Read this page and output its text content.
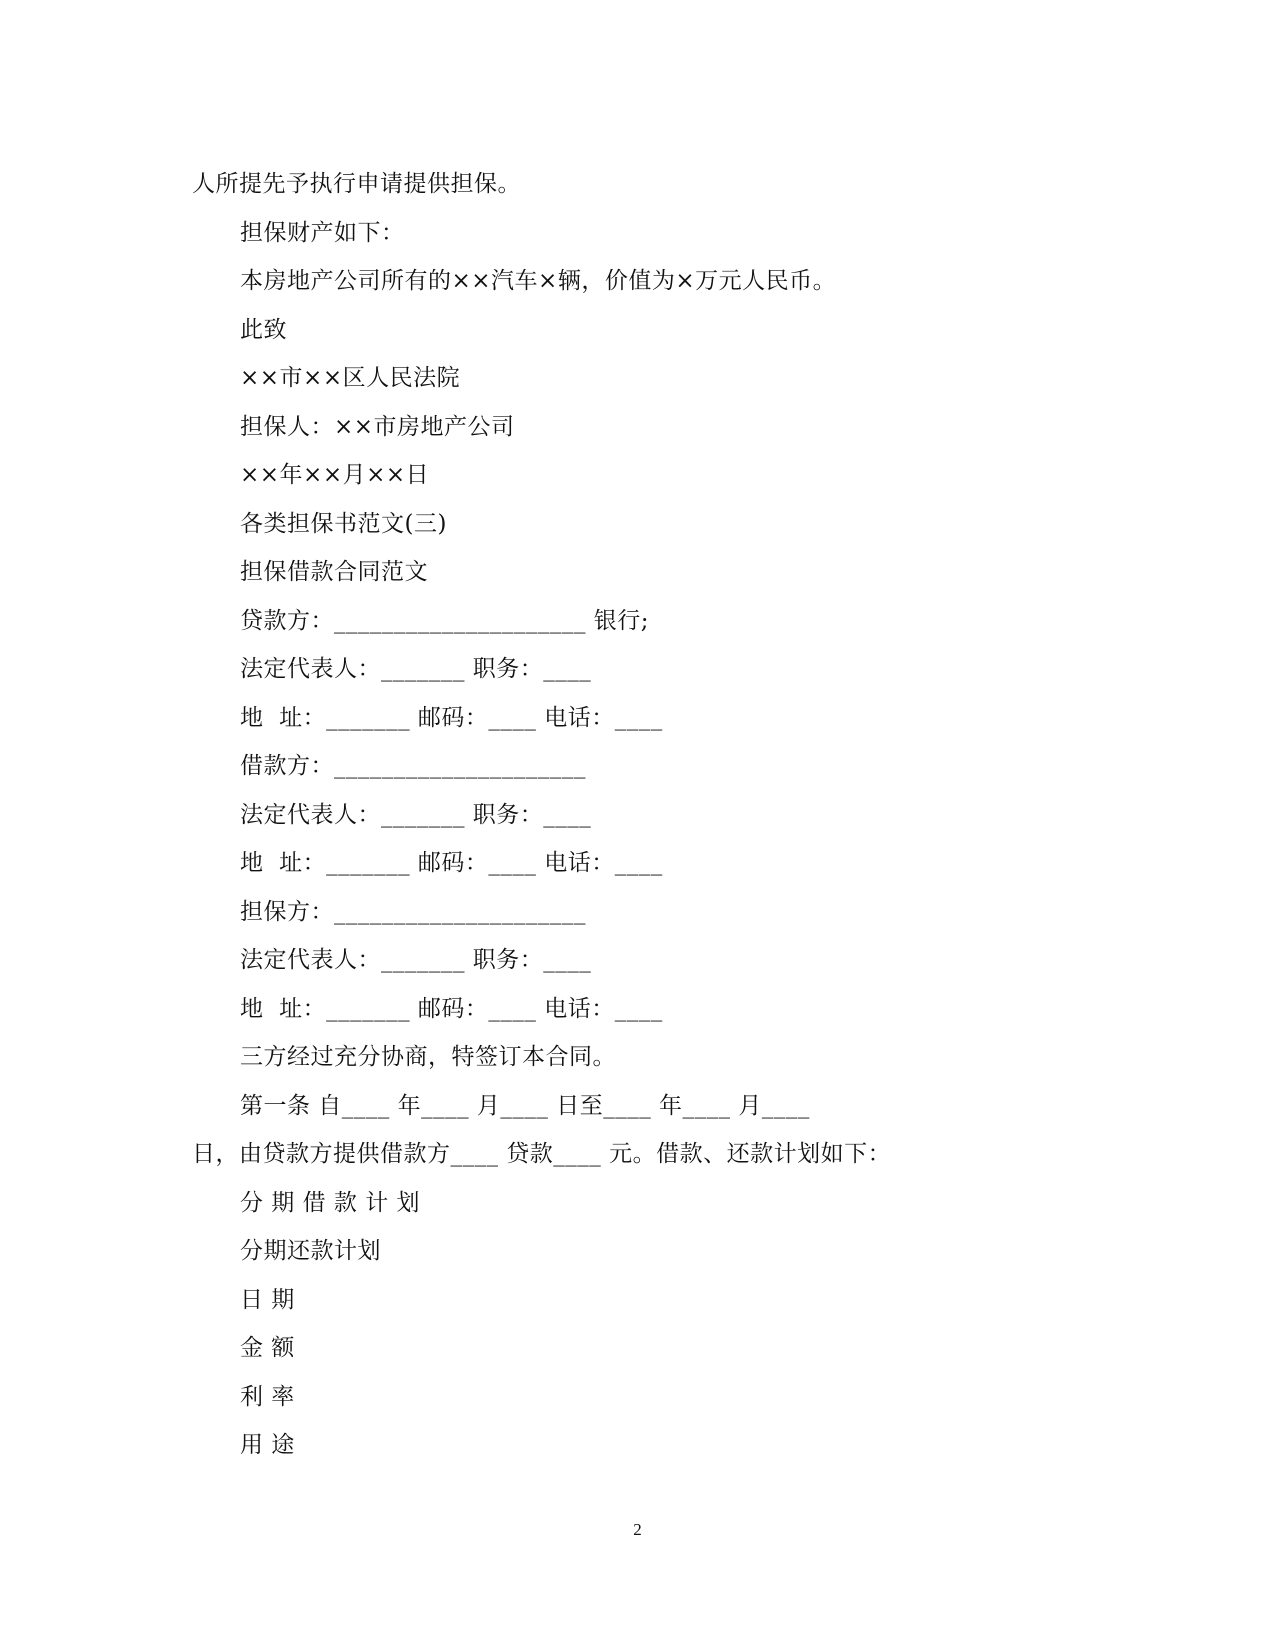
人所提先予执行申请提供担保。
担保财产如下：
本房地产公司所有的××汽车×辆，价值为×万元人民币。
此致
××市××区人民法院
担保人：××市房地产公司
××年××月××日
各类担保书范文(三)
担保借款合同范文
贷款方：_____________________ 银行;
法定代表人：_______ 职务：____
地  址：_______ 邮码：____ 电话：____
借款方：_____________________
法定代表人：_______ 职务：____
地  址：_______ 邮码：____ 电话：____
担保方：_____________________
法定代表人：_______ 职务：____
地  址：_______ 邮码：____ 电话：____
三方经过充分协商，特签订本合同。
第一条 自____ 年____ 月____ 日至____ 年____ 月____
日，由贷款方提供借款方____ 贷款____ 元。借款、还款计划如下：
分 期 借 款 计 划
分期还款计划
日 期
金 额
利 率
用 途
2
